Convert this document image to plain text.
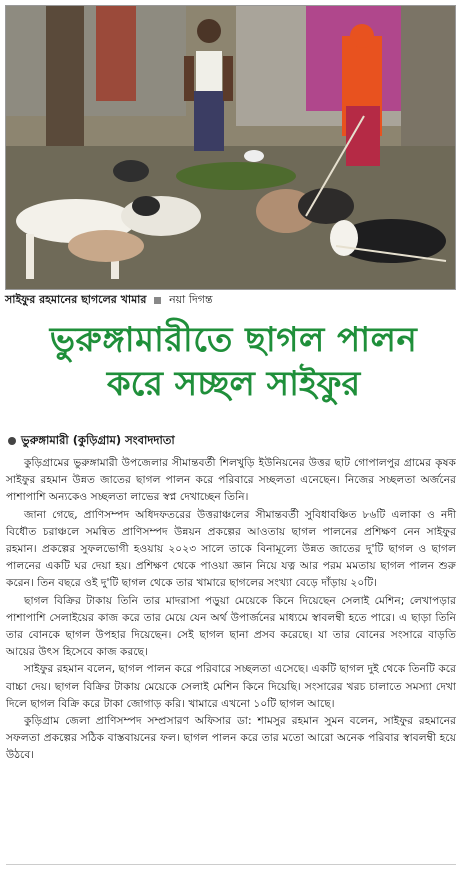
সাইফুর রহমানের ছাগলের খামার নয়া দিগন্ত
ভুরুঙ্গামারীতে ছাগল পালন
করে সচ্ছল সাইফুর
ভুরুঙ্গামারী (কুড়িগ্রাম) সংবাদদাতা

কুড়িগ্রামের ভুরুঙ্গামারী উপজেলার সীমান্তবর্তী শিলখুড়ি ইউনিয়নের উত্তর ছাট গোপালপুর গ্রামের কৃষক সাইফুর রহমান উন্নত জাতের ছাগল পালন করে পরিবারে সচ্ছলতা এনেছেন। নিজের সচ্ছলতা অর্জনের পাশাপাশি অন্যকেও সচ্ছলতা লাভের স্বপ্ন দেখাচ্ছেন তিনি।

জানা গেছে, প্রাণিসম্পদ অধিদফতরের উত্তরাঞ্চলের সীমান্তবর্তী সুবিধাবঞ্চিত ৮৬টি এলাকা ও নদী বিধৌত চরাঞ্চলে সমন্বিত প্রাণিসম্পদ উন্নয়ন প্রকল্পের আওতায় ছাগল পালনের প্রশিক্ষণ নেন সাইফুর রহমান। প্রকল্পের সুফলভোগী হওয়ায় ২০২৩ সালে তাকে বিনামূল্যে উন্নত জাতের দু'টি ছাগল ও ছাগল পালনের একটি ঘর দেয়া হয়। প্রশিক্ষণ থেকে পাওয়া জ্ঞান নিয়ে যত্ন আর পরম মমতায় ছাগল পালন শুরু করেন। তিন বছরে ওই দু'টি ছাগল থেকে তার খামারে ছাগলের সংখ্যা বেড়ে দাঁড়ায় ২০টি।

ছাগল বিক্রির টাকায় তিনি তার মাদরাসা পড়ুয়া মেয়েকে কিনে দিয়েছেন সেলাই মেশিন; লেখাপড়ার পাশাপাশি সেলাইয়ের কাজ করে তার মেয়ে যেন অর্থ উপার্জনের মাধ্যমে স্বাবলম্বী হতে পারে। এ ছাড়া তিনি তার বোনকে ছাগল উপহার দিয়েছেন। সেই ছাগল ছানা প্রসব করেছে। যা তার বোনের সংসারে বাড়তি আয়ের উৎস হিসেবে কাজ করছে।

সাইফুর রহমান বলেন, ছাগল পালন করে পরিবারে সচ্ছলতা এসেছে। একটি ছাগল দুই থেকে তিনটি করে বাচ্চা দেয়। ছাগল বিক্রির টাকায় মেয়েকে সেলাই মেশিন কিনে দিয়েছি। সংসারের খরচ চালাতে সমস্যা দেখা দিলে ছাগল বিক্রি করে টাকা জোগাড় করি। খামারে এখনো ১০টি ছাগল আছে।

কুড়িগ্রাম জেলা প্রাণিসম্পদ সম্প্রসারণ অফিসার ডা: শামসুর রহমান সুমন বলেন, সাইফুর রহমানের সফলতা প্রকল্পের সঠিক বাস্তবায়নের ফল। ছাগল পালন করে তার মতো আরো অনেক পরিবার স্বাবলম্বী হয়ে উঠবে।
